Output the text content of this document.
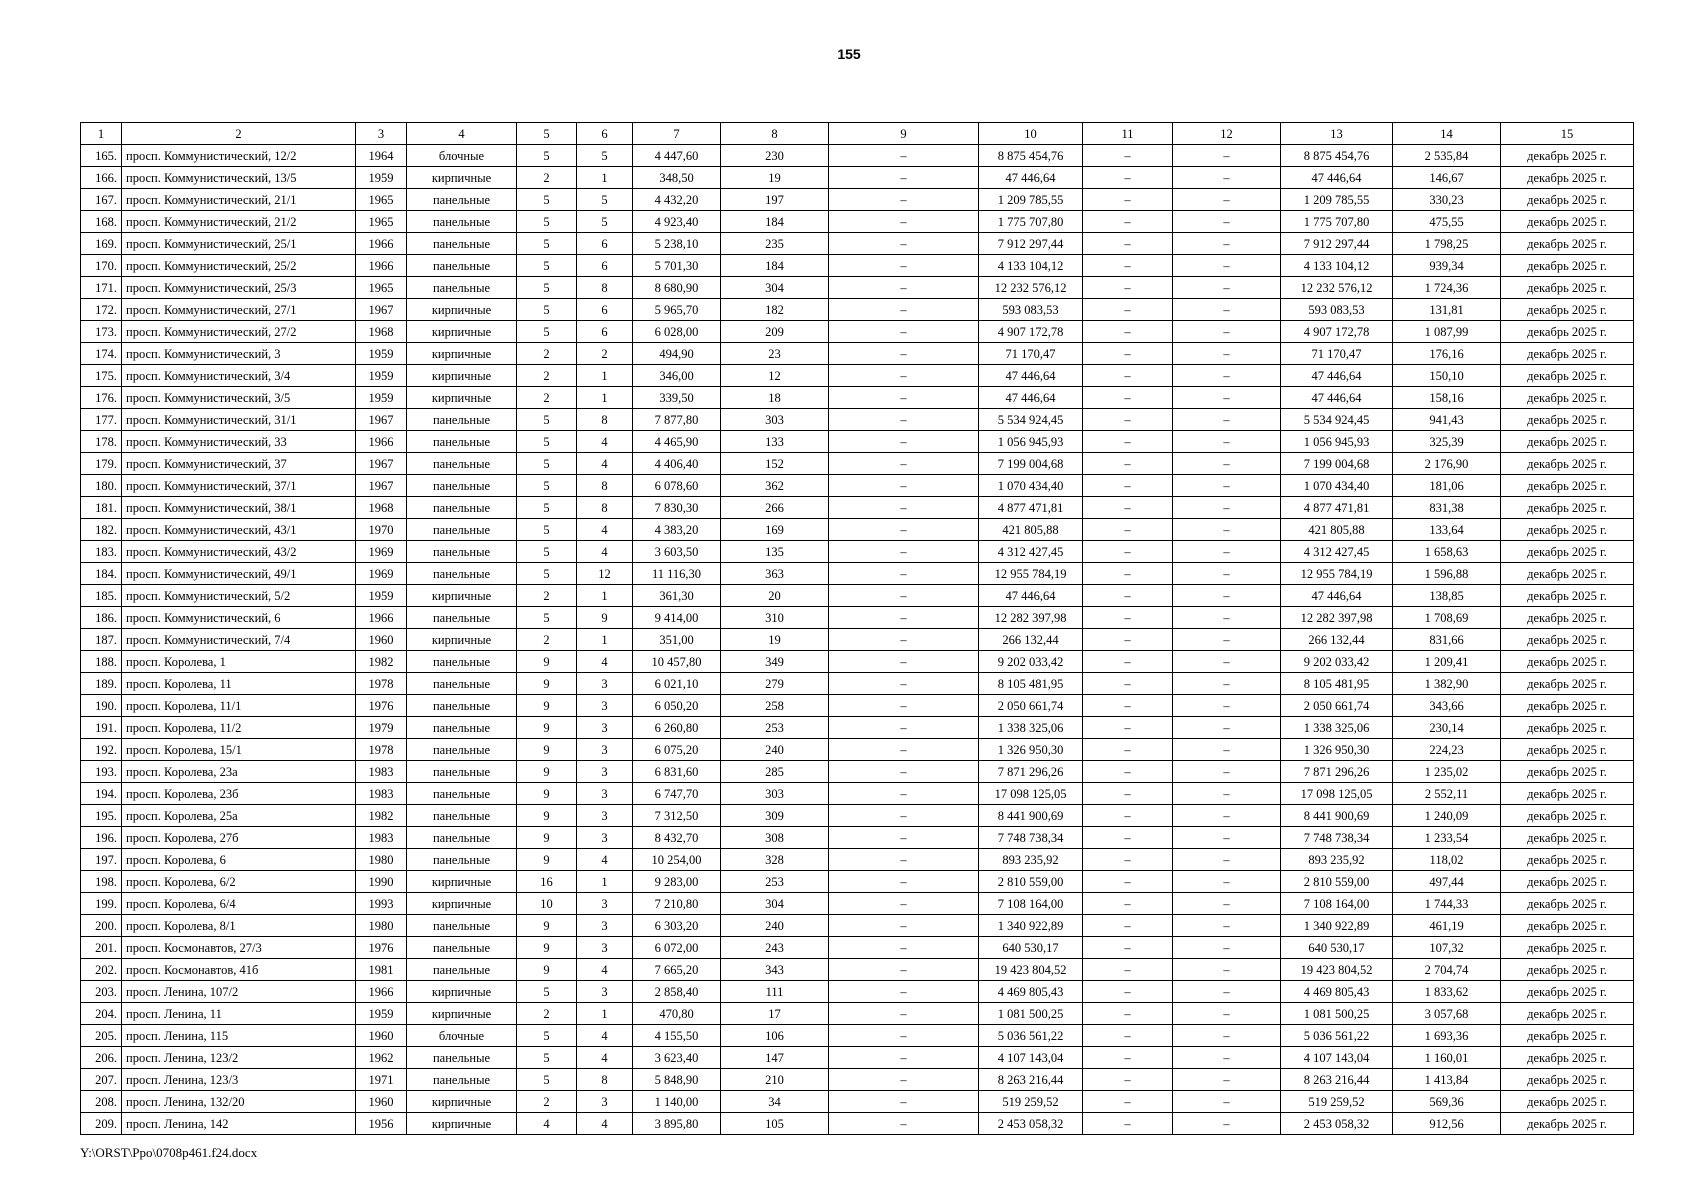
155
1	2	3	4	5	6	7	8	9	10	11	12	13	14	15
165.	просп. Коммунистический, 12/2	1964	блочные	5	5	4 447,60	230	–	8 875 454,76	–	–	8 875 454,76	2 535,84	декабрь 2025 г.
166.	просп. Коммунистический, 13/5	1959	кирпичные	2	1	348,50	19	–	47 446,64	–	–	47 446,64	146,67	декабрь 2025 г.
167.	просп. Коммунистический, 21/1	1965	панельные	5	5	4 432,20	197	–	1 209 785,55	–	–	1 209 785,55	330,23	декабрь 2025 г.
168.	просп. Коммунистический, 21/2	1965	панельные	5	5	4 923,40	184	–	1 775 707,80	–	–	1 775 707,80	475,55	декабрь 2025 г.
169.	просп. Коммунистический, 25/1	1966	панельные	5	6	5 238,10	235	–	7 912 297,44	–	–	7 912 297,44	1 798,25	декабрь 2025 г.
170.	просп. Коммунистический, 25/2	1966	панельные	5	6	5 701,30	184	–	4 133 104,12	–	–	4 133 104,12	939,34	декабрь 2025 г.
171.	просп. Коммунистический, 25/3	1965	панельные	5	8	8 680,90	304	–	12 232 576,12	–	–	12 232 576,12	1 724,36	декабрь 2025 г.
172.	просп. Коммунистический, 27/1	1967	кирпичные	5	6	5 965,70	182	–	593 083,53	–	–	593 083,53	131,81	декабрь 2025 г.
173.	просп. Коммунистический, 27/2	1968	кирпичные	5	6	6 028,00	209	–	4 907 172,78	–	–	4 907 172,78	1 087,99	декабрь 2025 г.
174.	просп. Коммунистический, 3	1959	кирпичные	2	2	494,90	23	–	71 170,47	–	–	71 170,47	176,16	декабрь 2025 г.
175.	просп. Коммунистический, 3/4	1959	кирпичные	2	1	346,00	12	–	47 446,64	–	–	47 446,64	150,10	декабрь 2025 г.
176.	просп. Коммунистический, 3/5	1959	кирпичные	2	1	339,50	18	–	47 446,64	–	–	47 446,64	158,16	декабрь 2025 г.
177.	просп. Коммунистический, 31/1	1967	панельные	5	8	7 877,80	303	–	5 534 924,45	–	–	5 534 924,45	941,43	декабрь 2025 г.
178.	просп. Коммунистический, 33	1966	панельные	5	4	4 465,90	133	–	1 056 945,93	–	–	1 056 945,93	325,39	декабрь 2025 г.
179.	просп. Коммунистический, 37	1967	панельные	5	4	4 406,40	152	–	7 199 004,68	–	–	7 199 004,68	2 176,90	декабрь 2025 г.
180.	просп. Коммунистический, 37/1	1967	панельные	5	8	6 078,60	362	–	1 070 434,40	–	–	1 070 434,40	181,06	декабрь 2025 г.
181.	просп. Коммунистический, 38/1	1968	панельные	5	8	7 830,30	266	–	4 877 471,81	–	–	4 877 471,81	831,38	декабрь 2025 г.
182.	просп. Коммунистический, 43/1	1970	панельные	5	4	4 383,20	169	–	421 805,88	–	–	421 805,88	133,64	декабрь 2025 г.
183.	просп. Коммунистический, 43/2	1969	панельные	5	4	3 603,50	135	–	4 312 427,45	–	–	4 312 427,45	1 658,63	декабрь 2025 г.
184.	просп. Коммунистический, 49/1	1969	панельные	5	12	11 116,30	363	–	12 955 784,19	–	–	12 955 784,19	1 596,88	декабрь 2025 г.
185.	просп. Коммунистический, 5/2	1959	кирпичные	2	1	361,30	20	–	47 446,64	–	–	47 446,64	138,85	декабрь 2025 г.
186.	просп. Коммунистический, 6	1966	панельные	5	9	9 414,00	310	–	12 282 397,98	–	–	12 282 397,98	1 708,69	декабрь 2025 г.
187.	просп. Коммунистический, 7/4	1960	кирпичные	2	1	351,00	19	–	266 132,44	–	–	266 132,44	831,66	декабрь 2025 г.
188.	просп. Королева, 1	1982	панельные	9	4	10 457,80	349	–	9 202 033,42	–	–	9 202 033,42	1 209,41	декабрь 2025 г.
189.	просп. Королева, 11	1978	панельные	9	3	6 021,10	279	–	8 105 481,95	–	–	8 105 481,95	1 382,90	декабрь 2025 г.
190.	просп. Королева, 11/1	1976	панельные	9	3	6 050,20	258	–	2 050 661,74	–	–	2 050 661,74	343,66	декабрь 2025 г.
191.	просп. Королева, 11/2	1979	панельные	9	3	6 260,80	253	–	1 338 325,06	–	–	1 338 325,06	230,14	декабрь 2025 г.
192.	просп. Королева, 15/1	1978	панельные	9	3	6 075,20	240	–	1 326 950,30	–	–	1 326 950,30	224,23	декабрь 2025 г.
193.	просп. Королева, 23а	1983	панельные	9	3	6 831,60	285	–	7 871 296,26	–	–	7 871 296,26	1 235,02	декабрь 2025 г.
194.	просп. Королева, 23б	1983	панельные	9	3	6 747,70	303	–	17 098 125,05	–	–	17 098 125,05	2 552,11	декабрь 2025 г.
195.	просп. Королева, 25а	1982	панельные	9	3	7 312,50	309	–	8 441 900,69	–	–	8 441 900,69	1 240,09	декабрь 2025 г.
196.	просп. Королева, 27б	1983	панельные	9	3	8 432,70	308	–	7 748 738,34	–	–	7 748 738,34	1 233,54	декабрь 2025 г.
197.	просп. Королева, 6	1980	панельные	9	4	10 254,00	328	–	893 235,92	–	–	893 235,92	118,02	декабрь 2025 г.
198.	просп. Королева, 6/2	1990	кирпичные	16	1	9 283,00	253	–	2 810 559,00	–	–	2 810 559,00	497,44	декабрь 2025 г.
199.	просп. Королева, 6/4	1993	кирпичные	10	3	7 210,80	304	–	7 108 164,00	–	–	7 108 164,00	1 744,33	декабрь 2025 г.
200.	просп. Королева, 8/1	1980	панельные	9	3	6 303,20	240	–	1 340 922,89	–	–	1 340 922,89	461,19	декабрь 2025 г.
201.	просп. Космонавтов, 27/3	1976	панельные	9	3	6 072,00	243	–	640 530,17	–	–	640 530,17	107,32	декабрь 2025 г.
202.	просп. Космонавтов, 41б	1981	панельные	9	4	7 665,20	343	–	19 423 804,52	–	–	19 423 804,52	2 704,74	декабрь 2025 г.
203.	просп. Ленина, 107/2	1966	кирпичные	5	3	2 858,40	111	–	4 469 805,43	–	–	4 469 805,43	1 833,62	декабрь 2025 г.
204.	просп. Ленина, 11	1959	кирпичные	2	1	470,80	17	–	1 081 500,25	–	–	1 081 500,25	3 057,68	декабрь 2025 г.
205.	просп. Ленина, 115	1960	блочные	5	4	4 155,50	106	–	5 036 561,22	–	–	5 036 561,22	1 693,36	декабрь 2025 г.
206.	просп. Ленина, 123/2	1962	панельные	5	4	3 623,40	147	–	4 107 143,04	–	–	4 107 143,04	1 160,01	декабрь 2025 г.
207.	просп. Ленина, 123/3	1971	панельные	5	8	5 848,90	210	–	8 263 216,44	–	–	8 263 216,44	1 413,84	декабрь 2025 г.
208.	просп. Ленина, 132/20	1960	кирпичные	2	3	1 140,00	34	–	519 259,52	–	–	519 259,52	569,36	декабрь 2025 г.
209.	просп. Ленина, 142	1956	кирпичные	4	4	3 895,80	105	–	2 453 058,32	–	–	2 453 058,32	912,56	декабрь 2025 г.
Y:\ORST\Ppo\0708p461.f24.docx
